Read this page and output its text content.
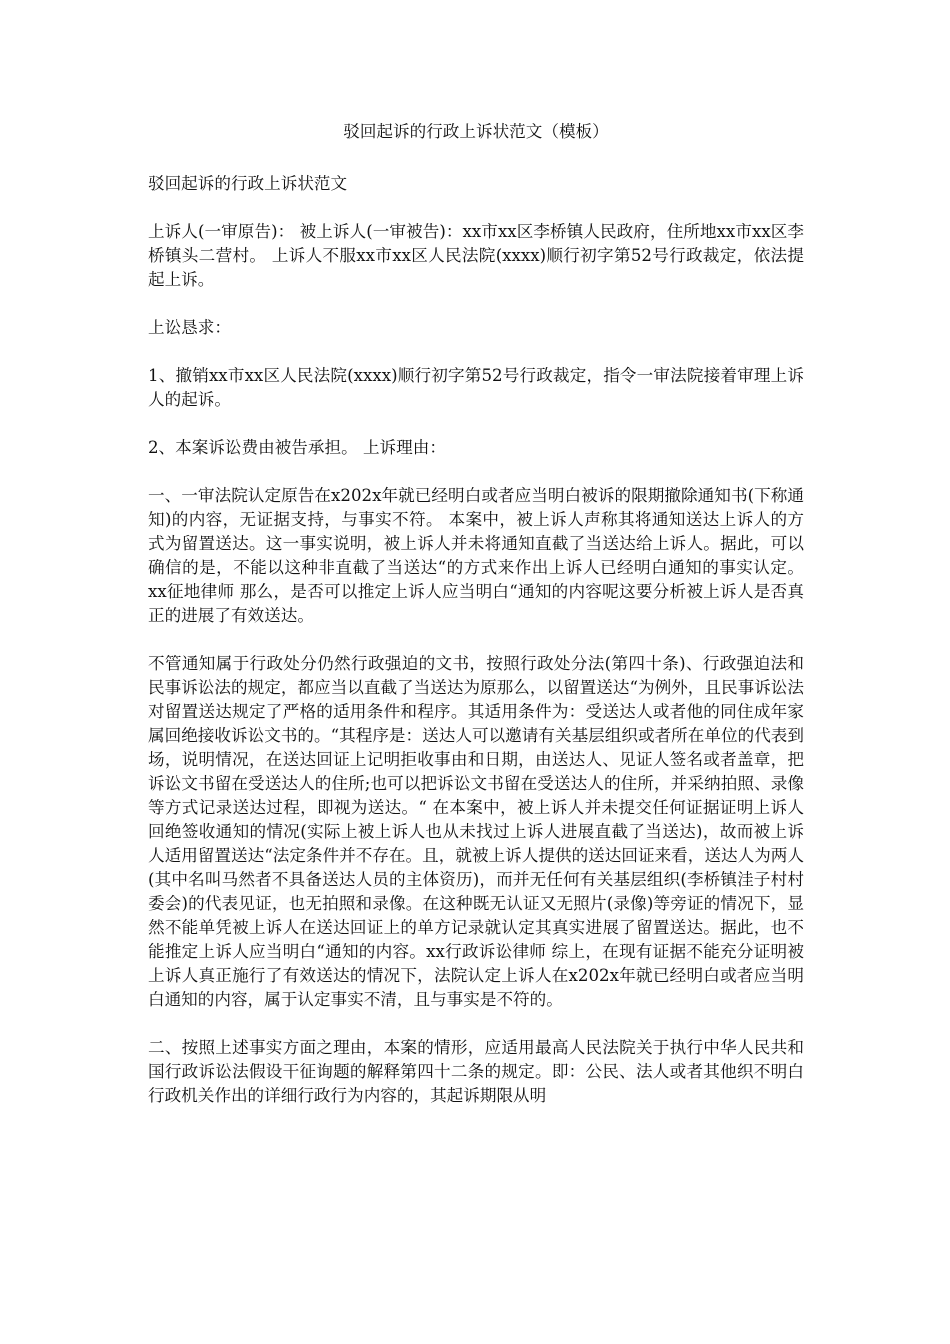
驳回起诉的行政上诉状范文（模板）

驳回起诉的行政上诉状范文

上诉人(一审原告)： 被上诉人(一审被告)：xx市xx区李桥镇人民政府，住所地xx市xx区李桥镇头二营村。 上诉人不服xx市xx区人民法院(xxxx)顺行初字第52号行政裁定，依法提起上诉。

上讼恳求：

1、撤销xx市xx区人民法院(xxxx)顺行初字第52号行政裁定，指令一审法院接着审理上诉人的起诉。

2、本案诉讼费由被告承担。 上诉理由：

一、一审法院认定原告在x202x年就已经明白或者应当明白被诉的限期撤除通知书(下称通知)的内容，无证据支持，与事实不符。 本案中，被上诉人声称其将通知送达上诉人的方式为留置送达。这一事实说明，被上诉人并未将通知直截了当送达给上诉人。据此，可以确信的是，不能以这种非直截了当送达“的方式来作出上诉人已经明白通知的事实认定。 xx征地律师 那么，是否可以推定上诉人应当明白“通知的内容呢这要分析被上诉人是否真正的进展了有效送达。

不管通知属于行政处分仍然行政强迫的文书，按照行政处分法(第四十条)、行政强迫法和民事诉讼法的规定，都应当以直截了当送达为原那么，以留置送达“为例外，且民事诉讼法对留置送达规定了严格的适用条件和程序。其适用条件为：受送达人或者他的同住成年家属回绝接收诉讼文书的。“其程序是：送达人可以邀请有关基层组织或者所在单位的代表到场，说明情况，在送达回证上记明拒收事由和日期，由送达人、见证人签名或者盖章，把诉讼文书留在受送达人的住所;也可以把诉讼文书留在受送达人的住所，并采纳拍照、录像等方式记录送达过程，即视为送达。“ 在本案中，被上诉人并未提交任何证据证明上诉人回绝签收通知的情况(实际上被上诉人也从未找过上诉人进展直截了当送达)，故而被上诉人适用留置送达“法定条件并不存在。且，就被上诉人提供的送达回证来看，送达人为两人(其中名叫马然者不具备送达人员的主体资历)，而并无任何有关基层组织(李桥镇洼子村村委会)的代表见证，也无拍照和录像。在这种既无认证又无照片(录像)等旁证的情况下，显然不能单凭被上诉人在送达回证上的单方记录就认定其真实进展了留置送达。据此，也不能推定上诉人应当明白“通知的内容。xx行政诉讼律师 综上，在现有证据不能充分证明被上诉人真正施行了有效送达的情况下，法院认定上诉人在x202x年就已经明白或者应当明白通知的内容，属于认定事实不清，且与事实是不符的。

二、按照上述事实方面之理由，本案的情形，应适用最高人民法院关于执行中华人民共和国行政诉讼法假设干征询题的解释第四十二条的规定。即：公民、法人或者其他织不明白行政机关作出的详细行政行为内容的，其起诉期限从明
